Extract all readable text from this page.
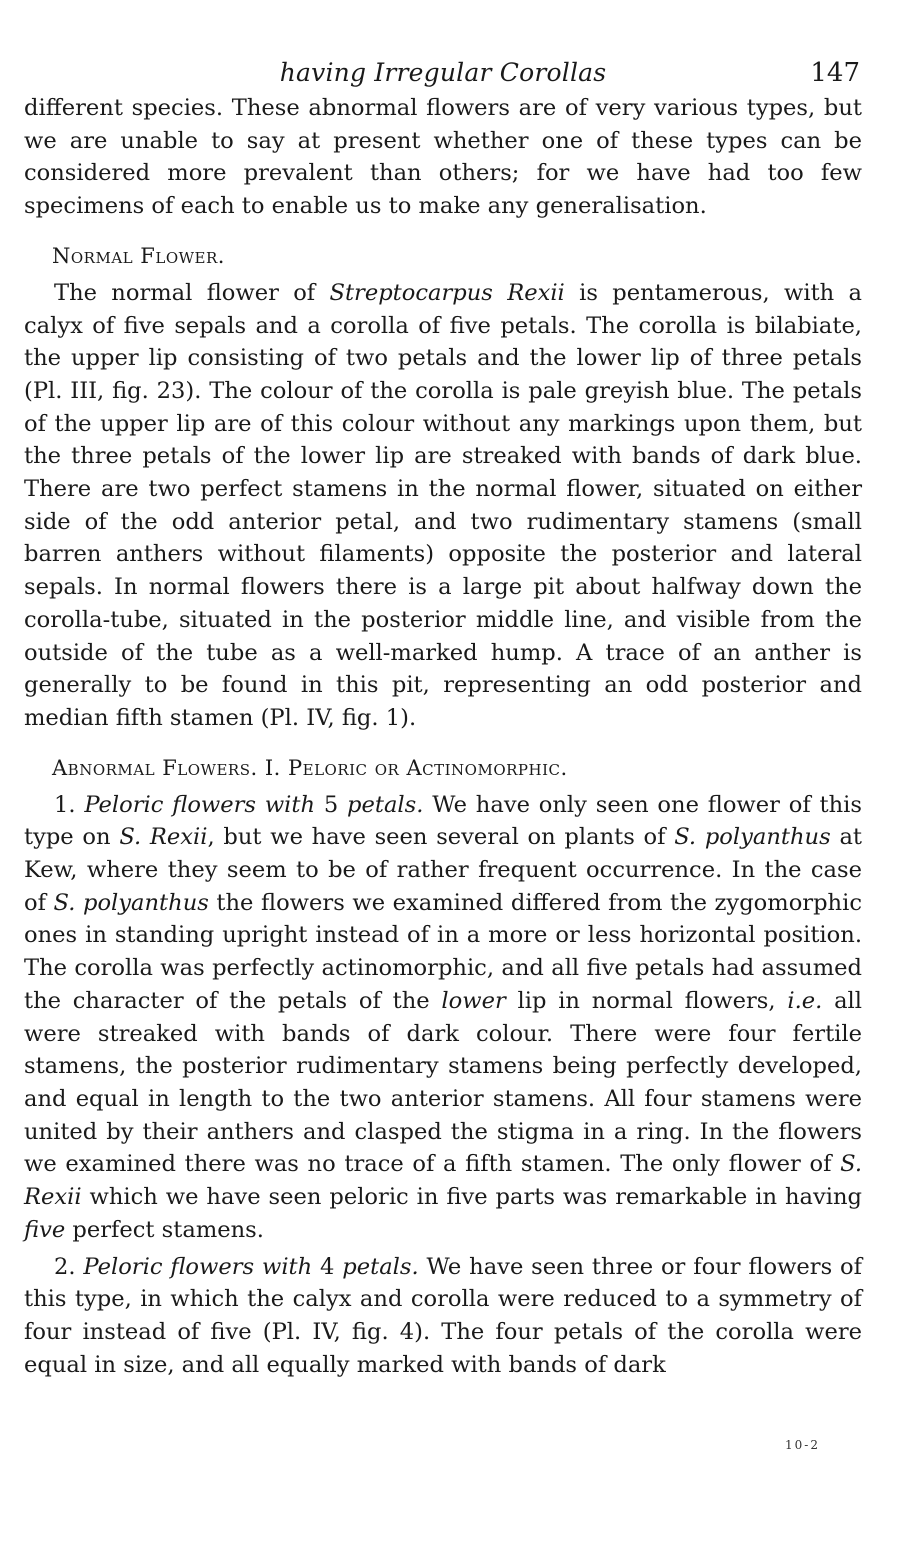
having Irregular Corollas	147

different species. These abnormal flowers are of very various types, but we are unable to say at present whether one of these types can be considered more prevalent than others; for we have had too few specimens of each to enable us to make any generalisation.

Normal Flower.

The normal flower of Streptocarpus Rexii is pentamerous, with a calyx of five sepals and a corolla of five petals. The corolla is bilabiate, the upper lip consisting of two petals and the lower lip of three petals (Pl. III, fig. 23). The colour of the corolla is pale greyish blue. The petals of the upper lip are of this colour without any markings upon them, but the three petals of the lower lip are streaked with bands of dark blue. There are two perfect stamens in the normal flower, situated on either side of the odd anterior petal, and two rudimentary stamens (small barren anthers without filaments) opposite the posterior and lateral sepals. In normal flowers there is a large pit about halfway down the corolla-tube, situated in the posterior middle line, and visible from the outside of the tube as a well-marked hump. A trace of an anther is generally to be found in this pit, representing an odd posterior and median fifth stamen (Pl. IV, fig. 1).

Abnormal Flowers. I. Peloric or Actinomorphic.

1. Peloric flowers with 5 petals. We have only seen one flower of this type on S. Rexii, but we have seen several on plants of S. polyanthus at Kew, where they seem to be of rather frequent occurrence. In the case of S. polyanthus the flowers we examined differed from the zygomorphic ones in standing upright instead of in a more or less horizontal position. The corolla was perfectly actinomorphic, and all five petals had assumed the character of the petals of the lower lip in normal flowers, i.e. all were streaked with bands of dark colour. There were four fertile stamens, the posterior rudimentary stamens being perfectly developed, and equal in length to the two anterior stamens. All four stamens were united by their anthers and clasped the stigma in a ring. In the flowers we examined there was no trace of a fifth stamen. The only flower of S. Rexii which we have seen peloric in five parts was remarkable in having five perfect stamens.

2. Peloric flowers with 4 petals. We have seen three or four flowers of this type, in which the calyx and corolla were reduced to a symmetry of four instead of five (Pl. IV, fig. 4). The four petals of the corolla were equal in size, and all equally marked with bands of dark

10-2
